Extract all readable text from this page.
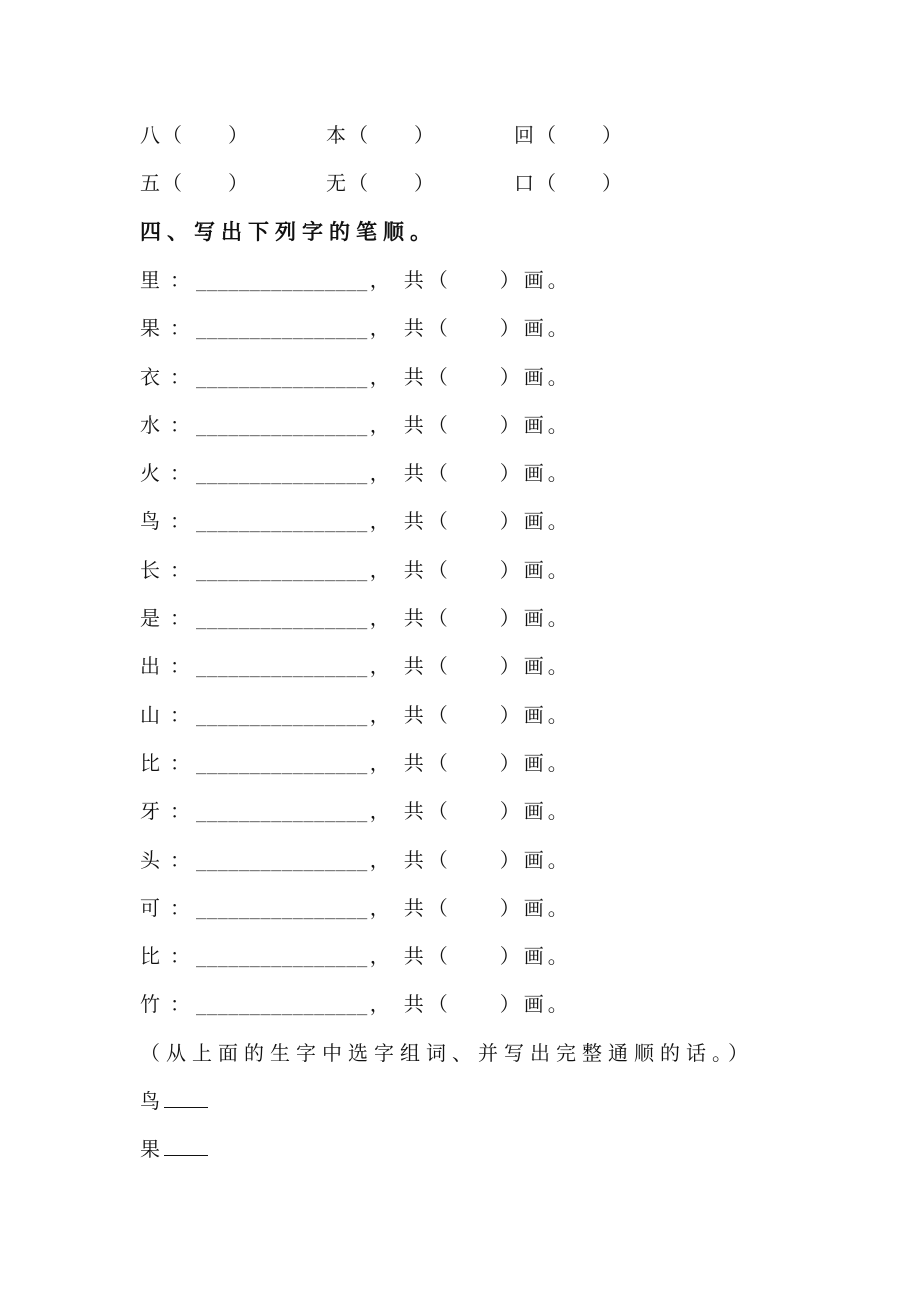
八（　　）	本（　　）	回（　　）
五（　　）	无（　　）	口（　　）
四、写出下列字的笔顺。
里 ： ________________ ， 共（　　）画。
果 ： ________________ ， 共（　　）画。
衣 ： ________________ ， 共（　　）画。
水 ： ________________ ， 共（　　）画。
火 ： ________________ ， 共（　　）画。
鸟 ： ________________ ， 共（　　）画。
长 ： ________________ ， 共（　　）画。
是 ： ________________ ， 共（　　）画。
出 ： ________________ ， 共（　　）画。
山 ： ________________ ， 共（　　）画。
比 ： ________________ ， 共（　　）画。
牙 ： ________________ ， 共（　　）画。
头 ： ________________ ， 共（　　）画。
可 ： ________________ ， 共（　　）画。
比 ： ________________ ， 共（　　）画。
竹 ： ________________ ， 共（　　）画。
（从上面的生字中选字组词、并写出完整通顺的话。）
鸟
果
